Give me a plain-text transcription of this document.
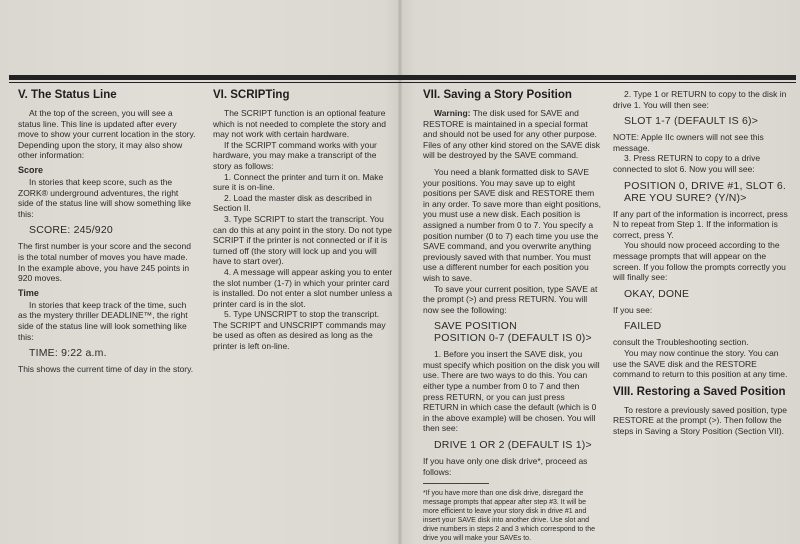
V. The Status Line

At the top of the screen, you will see a status line. This line is updated after every move to show your current location in the story. Depending upon the story, it may also show other information:

Score

In stories that keep score, such as the ZORK® underground adventures, the right side of the status line will show something like this:

SCORE: 245/920

The first number is your score and the second is the total number of moves you have made. In the example above, you have 245 points in 920 moves.

Time

In stories that keep track of the time, such as the mystery thriller DEADLINE™, the right side of the status line will look something like this:

TIME: 9:22 a.m.

This shows the current time of day in the story.

VI. SCRIPTing

The SCRIPT function is an optional feature which is not needed to complete the story and may not work with certain hardware.

If the SCRIPT command works with your hardware, you may make a transcript of the story as follows:

1. Connect the printer and turn it on. Make sure it is on-line.

2. Load the master disk as described in Section II.

3. Type SCRIPT to start the transcript. You can do this at any point in the story. Do not type SCRIPT if the printer is not connected or if it is turned off (the story will lock up and you will have to start over).

4. A message will appear asking you to enter the slot number (1-7) in which your printer card is installed. Do not enter a slot number unless a printer card is in the slot.

5. Type UNSCRIPT to stop the transcript. The SCRIPT and UNSCRIPT commands may be used as often as desired as long as the printer is left on-line.

VII. Saving a Story Position

Warning: The disk used for SAVE and RESTORE is maintained in a special format and should not be used for any other purpose. Files of any other kind stored on the SAVE disk will be destroyed by the SAVE command.

You need a blank formatted disk to SAVE your positions. You may save up to eight positions per SAVE disk and RESTORE them in any order. To save more than eight positions, you must use a new disk. Each position is assigned a number from 0 to 7. You specify a position number (0 to 7) each time you use the SAVE command, and you overwrite anything previously saved with that number. You must use a different number for each position you wish to save.

To save your current position, type SAVE at the prompt (>) and press RETURN. You will now see the following:

SAVE POSITION
POSITION 0-7 (DEFAULT IS 0)>

1. Before you insert the SAVE disk, you must specify which position on the disk you will use. There are two ways to do this. You can either type a number from 0 to 7 and then press RETURN, or you can just press RETURN in which case the default (which is 0 in the above example) will be chosen. You will then see:

DRIVE 1 OR 2 (DEFAULT IS 1)>

If you have only one disk drive*, proceed as follows:

*If you have more than one disk drive, disregard the message prompts that appear after step #3. It will be more efficient to leave your story disk in drive #1 and insert your SAVE disk into another drive. Use slot and drive numbers in steps 2 and 3 which correspond to the drive you will make your SAVEs to.

2. Type 1 or RETURN to copy to the disk in drive 1. You will then see:

SLOT 1-7 (DEFAULT IS 6)>

NOTE: Apple IIc owners will not see this message.

3. Press RETURN to copy to a drive connected to slot 6. Now you will see:

POSITION 0, DRIVE #1, SLOT 6.
ARE YOU SURE? (Y/N)>

If any part of the information is incorrect, press N to repeat from Step 1. If the information is correct, press Y.

You should now proceed according to the message prompts that will appear on the screen. If you follow the prompts correctly you will finally see:

OKAY, DONE

If you see:

FAILED

consult the Troubleshooting section.

You may now continue the story. You can use the SAVE disk and the RESTORE command to return to this position at any time.

VIII. Restoring a Saved Position

To restore a previously saved position, type RESTORE at the prompt (>). Then follow the steps in Saving a Story Position (Section VII).
